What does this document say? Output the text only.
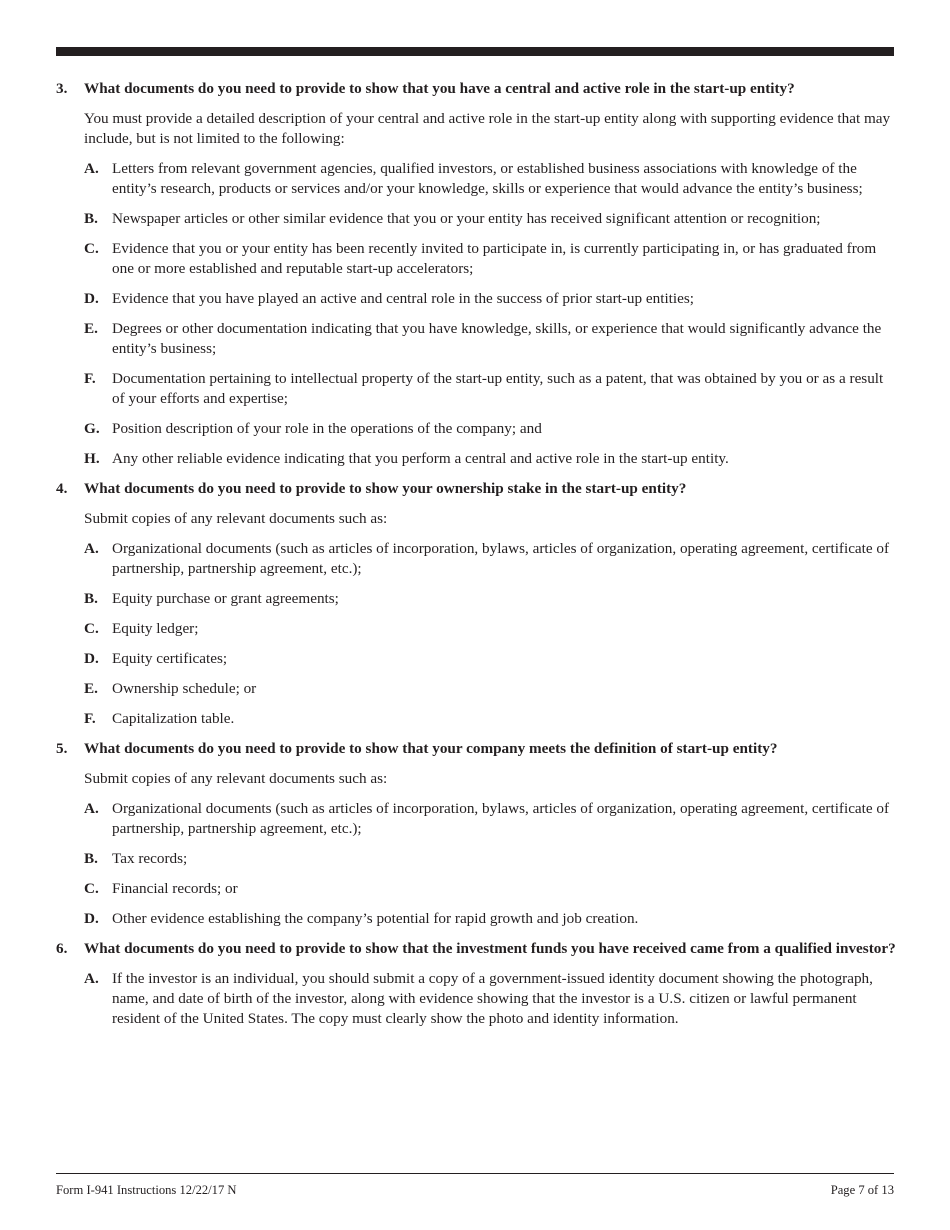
3. What documents do you need to provide to show that you have a central and active role in the start-up entity?
You must provide a detailed description of your central and active role in the start-up entity along with supporting evidence that may include, but is not limited to the following:
A. Letters from relevant government agencies, qualified investors, or established business associations with knowledge of the entity’s research, products or services and/or your knowledge, skills or experience that would advance the entity’s business;
B. Newspaper articles or other similar evidence that you or your entity has received significant attention or recognition;
C. Evidence that you or your entity has been recently invited to participate in, is currently participating in, or has graduated from one or more established and reputable start-up accelerators;
D. Evidence that you have played an active and central role in the success of prior start-up entities;
E. Degrees or other documentation indicating that you have knowledge, skills, or experience that would significantly advance the entity’s business;
F. Documentation pertaining to intellectual property of the start-up entity, such as a patent, that was obtained by you or as a result of your efforts and expertise;
G. Position description of your role in the operations of the company; and
H. Any other reliable evidence indicating that you perform a central and active role in the start-up entity.
4. What documents do you need to provide to show your ownership stake in the start-up entity?
Submit copies of any relevant documents such as:
A. Organizational documents (such as articles of incorporation, bylaws, articles of organization, operating agreement, certificate of partnership, partnership agreement, etc.);
B. Equity purchase or grant agreements;
C. Equity ledger;
D. Equity certificates;
E. Ownership schedule; or
F. Capitalization table.
5. What documents do you need to provide to show that your company meets the definition of start-up entity?
Submit copies of any relevant documents such as:
A. Organizational documents (such as articles of incorporation, bylaws, articles of organization, operating agreement, certificate of partnership, partnership agreement, etc.);
B. Tax records;
C. Financial records; or
D. Other evidence establishing the company’s potential for rapid growth and job creation.
6. What documents do you need to provide to show that the investment funds you have received came from a qualified investor?
A. If the investor is an individual, you should submit a copy of a government-issued identity document showing the photograph, name, and date of birth of the investor, along with evidence showing that the investor is a U.S. citizen or lawful permanent resident of the United States. The copy must clearly show the photo and identity information.
Form I-941 Instructions 12/22/17 N	Page 7 of 13
